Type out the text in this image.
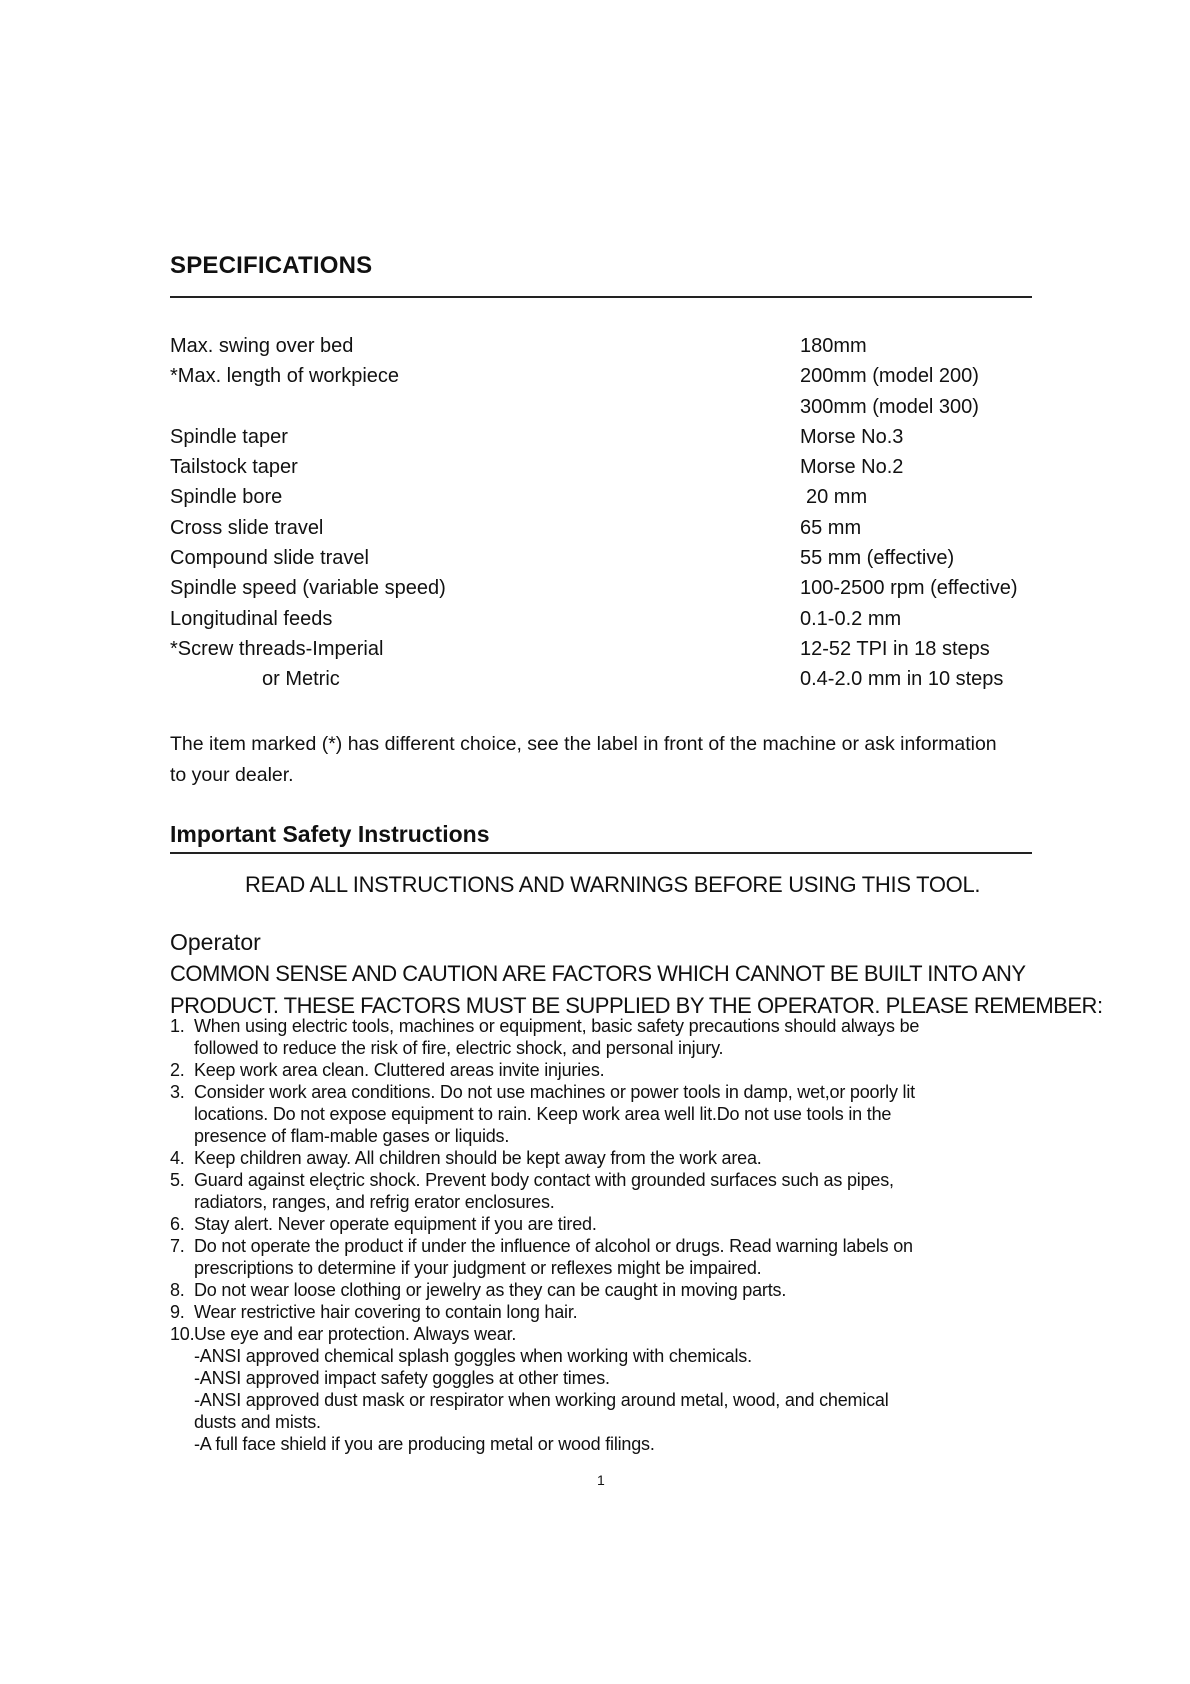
SPECIFICATIONS
Max. swing over bed	180mm
*Max. length of workpiece	200mm (model 200)
300mm (model 300)
Spindle taper	Morse No.3
Tailstock taper	Morse No.2
Spindle bore	20 mm
Cross slide travel	65 mm
Compound slide travel	55 mm (effective)
Spindle speed (variable speed)	100-2500 rpm (effective)
Longitudinal feeds	0.1-0.2 mm
*Screw threads-Imperial	12-52 TPI in 18 steps
or Metric	0.4-2.0 mm in 10 steps
The item marked (*) has different choice, see the label in front of the machine or ask information
to your dealer.
Important Safety Instructions
READ ALL INSTRUCTIONS AND WARNINGS BEFORE USING THIS TOOL.
Operator
COMMON SENSE AND CAUTION ARE FACTORS WHICH CANNOT BE BUILT INTO ANY
PRODUCT. THESE FACTORS MUST BE SUPPLIED BY THE OPERATOR. PLEASE REMEMBER:
1. When using electric tools, machines or equipment, basic safety precautions should always be
followed to reduce the risk of fire, electric shock, and personal injury.
2. Keep work area clean. Cluttered areas invite injuries.
3. Consider work area conditions. Do not use machines or power tools in damp, wet,or poorly lit
locations. Do not expose equipment to rain. Keep work area well lit.Do not use tools in the
presence of flam-mable gases or liquids.
4. Keep children away. All children should be kept away from the work area.
5. Guard against elec̨tric shock. Prevent body contact with grounded surfaces such as pipes,
radiators, ranges, and refrig erator enclosures.
6. Stay alert. Never operate equipment if you are tired.
7. Do not operate the product if under the influence of alcohol or drugs. Read warning labels on
prescriptions to determine if your judgment or reflexes might be impaired.
8. Do not wear loose clothing or jewelry as they can be caught in moving parts.
9. Wear restrictive hair covering to contain long hair.
10. Use eye and ear protection. Always wear.
-ANSI approved chemical splash goggles when working with chemicals.
-ANSI approved impact safety goggles at other times.
-ANSI approved dust mask or respirator when working around metal, wood, and chemical
dusts and mists.
-A full face shield if you are producing metal or wood filings.
1
